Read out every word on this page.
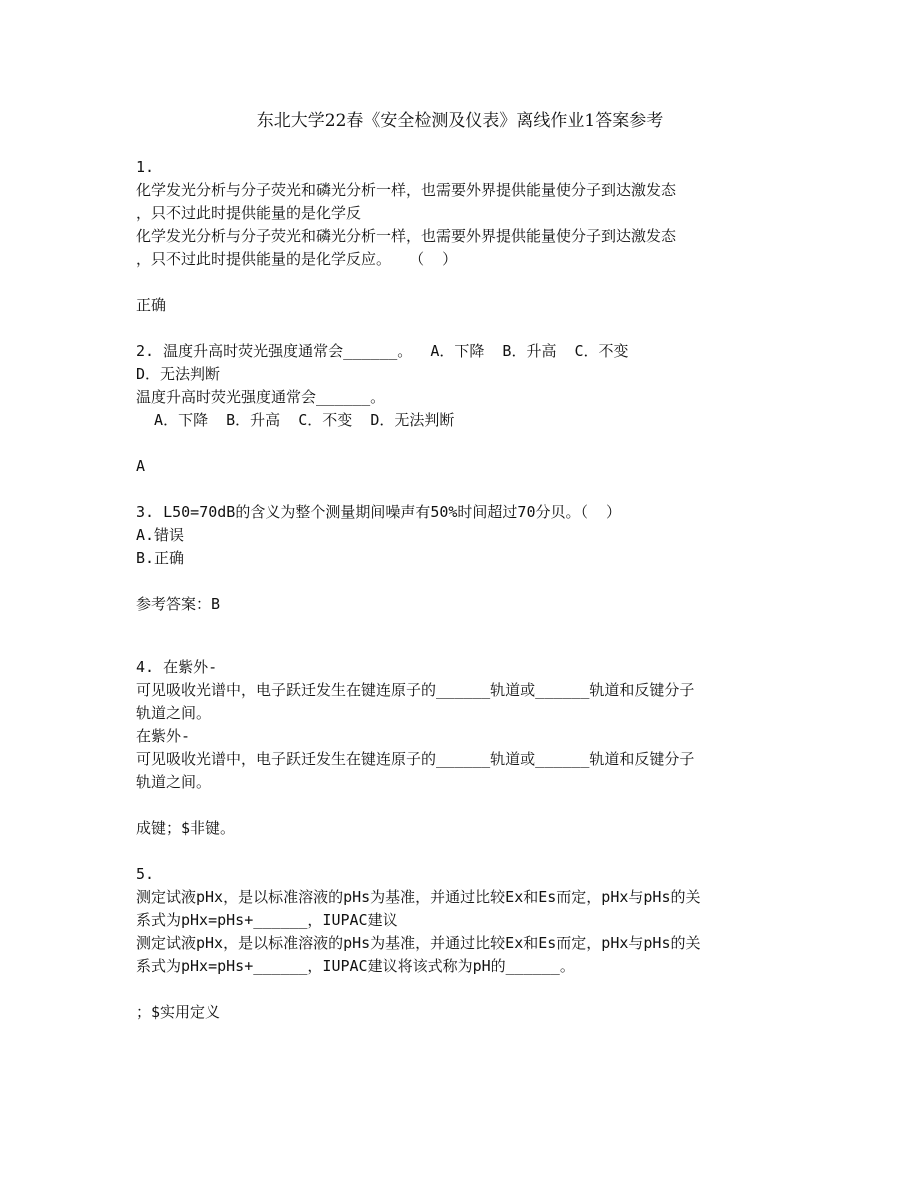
东北大学22春《安全检测及仪表》离线作业1答案参考
1.
化学发光分析与分子荧光和磷光分析一样，也需要外界提供能量使分子到达激发态
，只不过此时提供能量的是化学反
化学发光分析与分子荧光和磷光分析一样，也需要外界提供能量使分子到达激发态
，只不过此时提供能量的是化学反应。  （  ）
正确
2. 温度升高时荧光强度通常会______。  A．下降  B．升高  C．不变
D．无法判断
温度升高时荧光强度通常会______。
A．下降  B．升高  C．不变  D．无法判断
A
3. L50=70dB的含义为整个测量期间噪声有50%时间超过70分贝。（  ）
A.错误
B.正确
参考答案：B
4. 在紫外-
可见吸收光谱中，电子跃迁发生在键连原子的______轨道或______轨道和反键分子
轨道之间。
在紫外-
可见吸收光谱中，电子跃迁发生在键连原子的______轨道或______轨道和反键分子
轨道之间。
成键；$非键。
5.
测定试液pHx，是以标准溶液的pHs为基准，并通过比较Ex和Es而定，pHx与pHs的关
系式为pHx=pHs+______，IUPAC建议
测定试液pHx，是以标准溶液的pHs为基准，并通过比较Ex和Es而定，pHx与pHs的关
系式为pHx=pHs+______，IUPAC建议将该式称为pH的______。
；$实用定义
